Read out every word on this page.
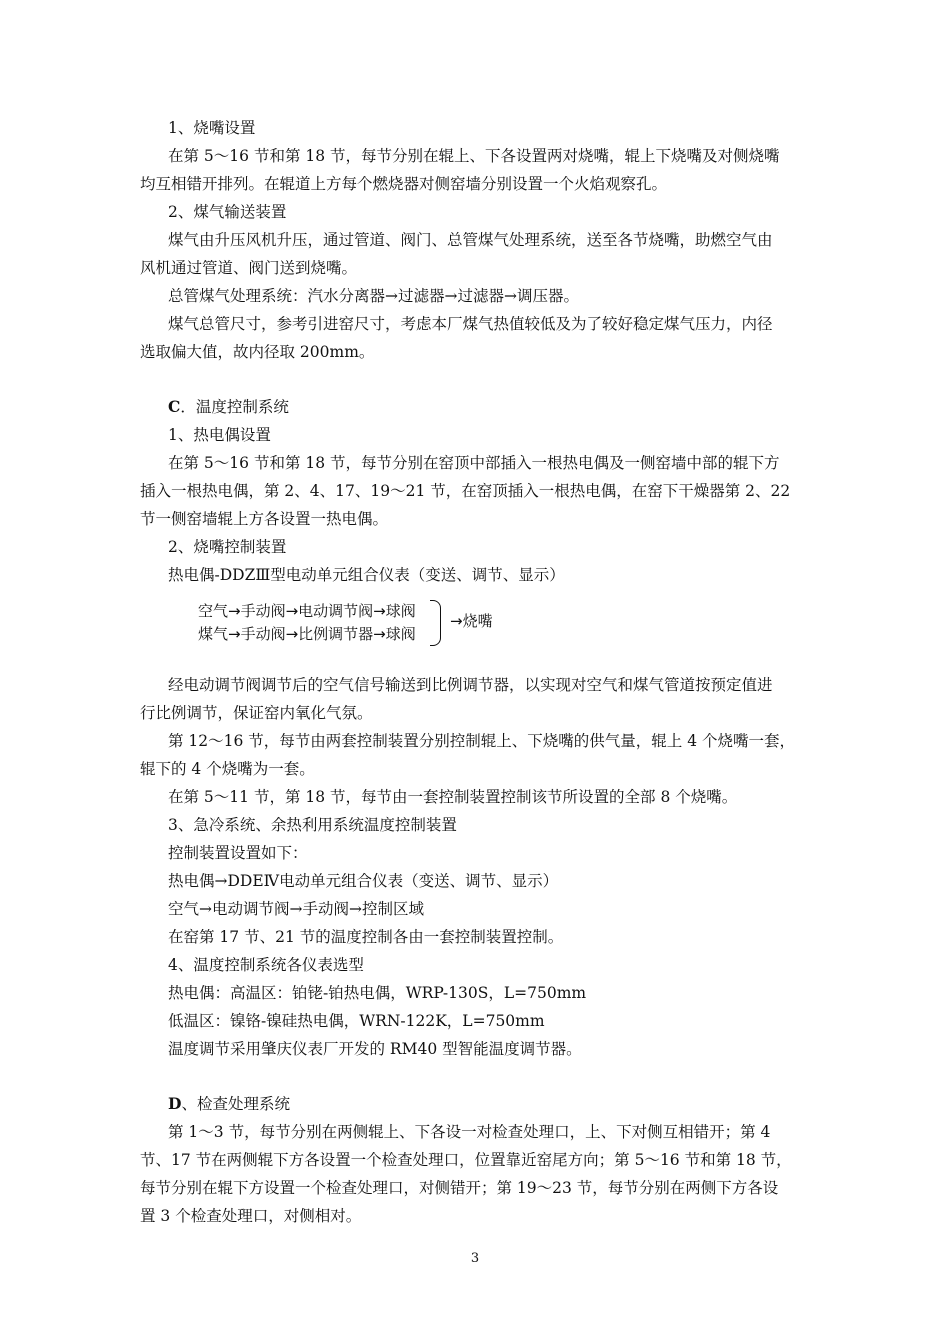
1、烧嘴设置
在第 5～16 节和第 18 节，每节分别在辊上、下各设置两对烧嘴，辊上下烧嘴及对侧烧嘴
均互相错开排列。在辊道上方每个燃烧器对侧窑墙分别设置一个火焰观察孔。
2、煤气输送装置
煤气由升压风机升压，通过管道、阀门、总管煤气处理系统，送至各节烧嘴，助燃空气由
风机通过管道、阀门送到烧嘴。
总管煤气处理系统：汽水分离器→过滤器→过滤器→调压器。
煤气总管尺寸，参考引进窑尺寸，考虑本厂煤气热值较低及为了较好稳定煤气压力，内径
选取偏大值，故内径取 200mm。
C．温度控制系统
1、热电偶设置
在第 5～16 节和第 18 节，每节分别在窑顶中部插入一根热电偶及一侧窑墙中部的辊下方
插入一根热电偶，第 2、4、17、19～21 节，在窑顶插入一根热电偶，在窑下干燥器第 2、22
节一侧窑墙辊上方各设置一热电偶。
2、烧嘴控制装置
热电偶-DDZⅢ型电动单元组合仪表（变送、调节、显示）
空气→手动阀→电动调节阀→球阀
煤气→手动阀→比例调节器→球阀
→烧嘴
经电动调节阀调节后的空气信号输送到比例调节器，以实现对空气和煤气管道按预定值进
行比例调节，保证窑内氧化气氛。
第 12～16 节，每节由两套控制装置分别控制辊上、下烧嘴的供气量，辊上 4 个烧嘴一套，
辊下的 4 个烧嘴为一套。
在第 5～11 节，第 18 节，每节由一套控制装置控制该节所设置的全部 8 个烧嘴。
3、急冷系统、余热利用系统温度控制装置
控制装置设置如下：
热电偶→DDEⅣ电动单元组合仪表（变送、调节、显示）
空气→电动调节阀→手动阀→控制区域
在窑第 17 节、21 节的温度控制各由一套控制装置控制。
4、温度控制系统各仪表选型
热电偶：高温区：铂铑-铂热电偶，WRP-130S，L=750mm
低温区：镍铬-镍硅热电偶，WRN-122K，L=750mm
温度调节采用肇庆仪表厂开发的 RM40 型智能温度调节器。
D、检查处理系统
第 1～3 节，每节分别在两侧辊上、下各设一对检查处理口，上、下对侧互相错开；第 4
节、17 节在两侧辊下方各设置一个检查处理口，位置靠近窑尾方向；第 5～16 节和第 18 节，
每节分别在辊下方设置一个检查处理口，对侧错开；第 19～23 节，每节分别在两侧下方各设
置 3 个检查处理口，对侧相对。
3
